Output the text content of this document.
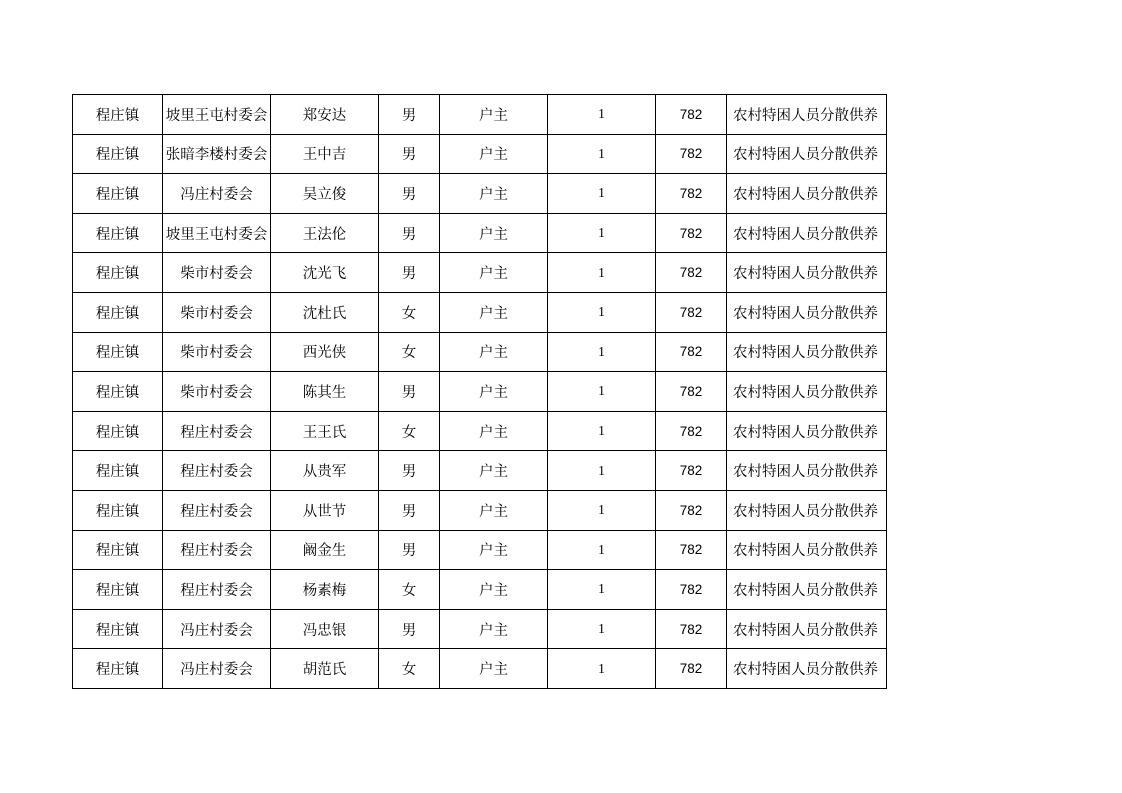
程庄镇	坡里王屯村委会	郑安达	男	户主	1	782	农村特困人员分散供养
程庄镇	张暗李楼村委会	王中吉	男	户主	1	782	农村特困人员分散供养
程庄镇	冯庄村委会	吴立俊	男	户主	1	782	农村特困人员分散供养
程庄镇	坡里王屯村委会	王法伦	男	户主	1	782	农村特困人员分散供养
程庄镇	柴市村委会	沈光飞	男	户主	1	782	农村特困人员分散供养
程庄镇	柴市村委会	沈杜氏	女	户主	1	782	农村特困人员分散供养
程庄镇	柴市村委会	西光侠	女	户主	1	782	农村特困人员分散供养
程庄镇	柴市村委会	陈其生	男	户主	1	782	农村特困人员分散供养
程庄镇	程庄村委会	王王氏	女	户主	1	782	农村特困人员分散供养
程庄镇	程庄村委会	从贵军	男	户主	1	782	农村特困人员分散供养
程庄镇	程庄村委会	从世节	男	户主	1	782	农村特困人员分散供养
程庄镇	程庄村委会	阚金生	男	户主	1	782	农村特困人员分散供养
程庄镇	程庄村委会	杨素梅	女	户主	1	782	农村特困人员分散供养
程庄镇	冯庄村委会	冯忠银	男	户主	1	782	农村特困人员分散供养
程庄镇	冯庄村委会	胡范氏	女	户主	1	782	农村特困人员分散供养
